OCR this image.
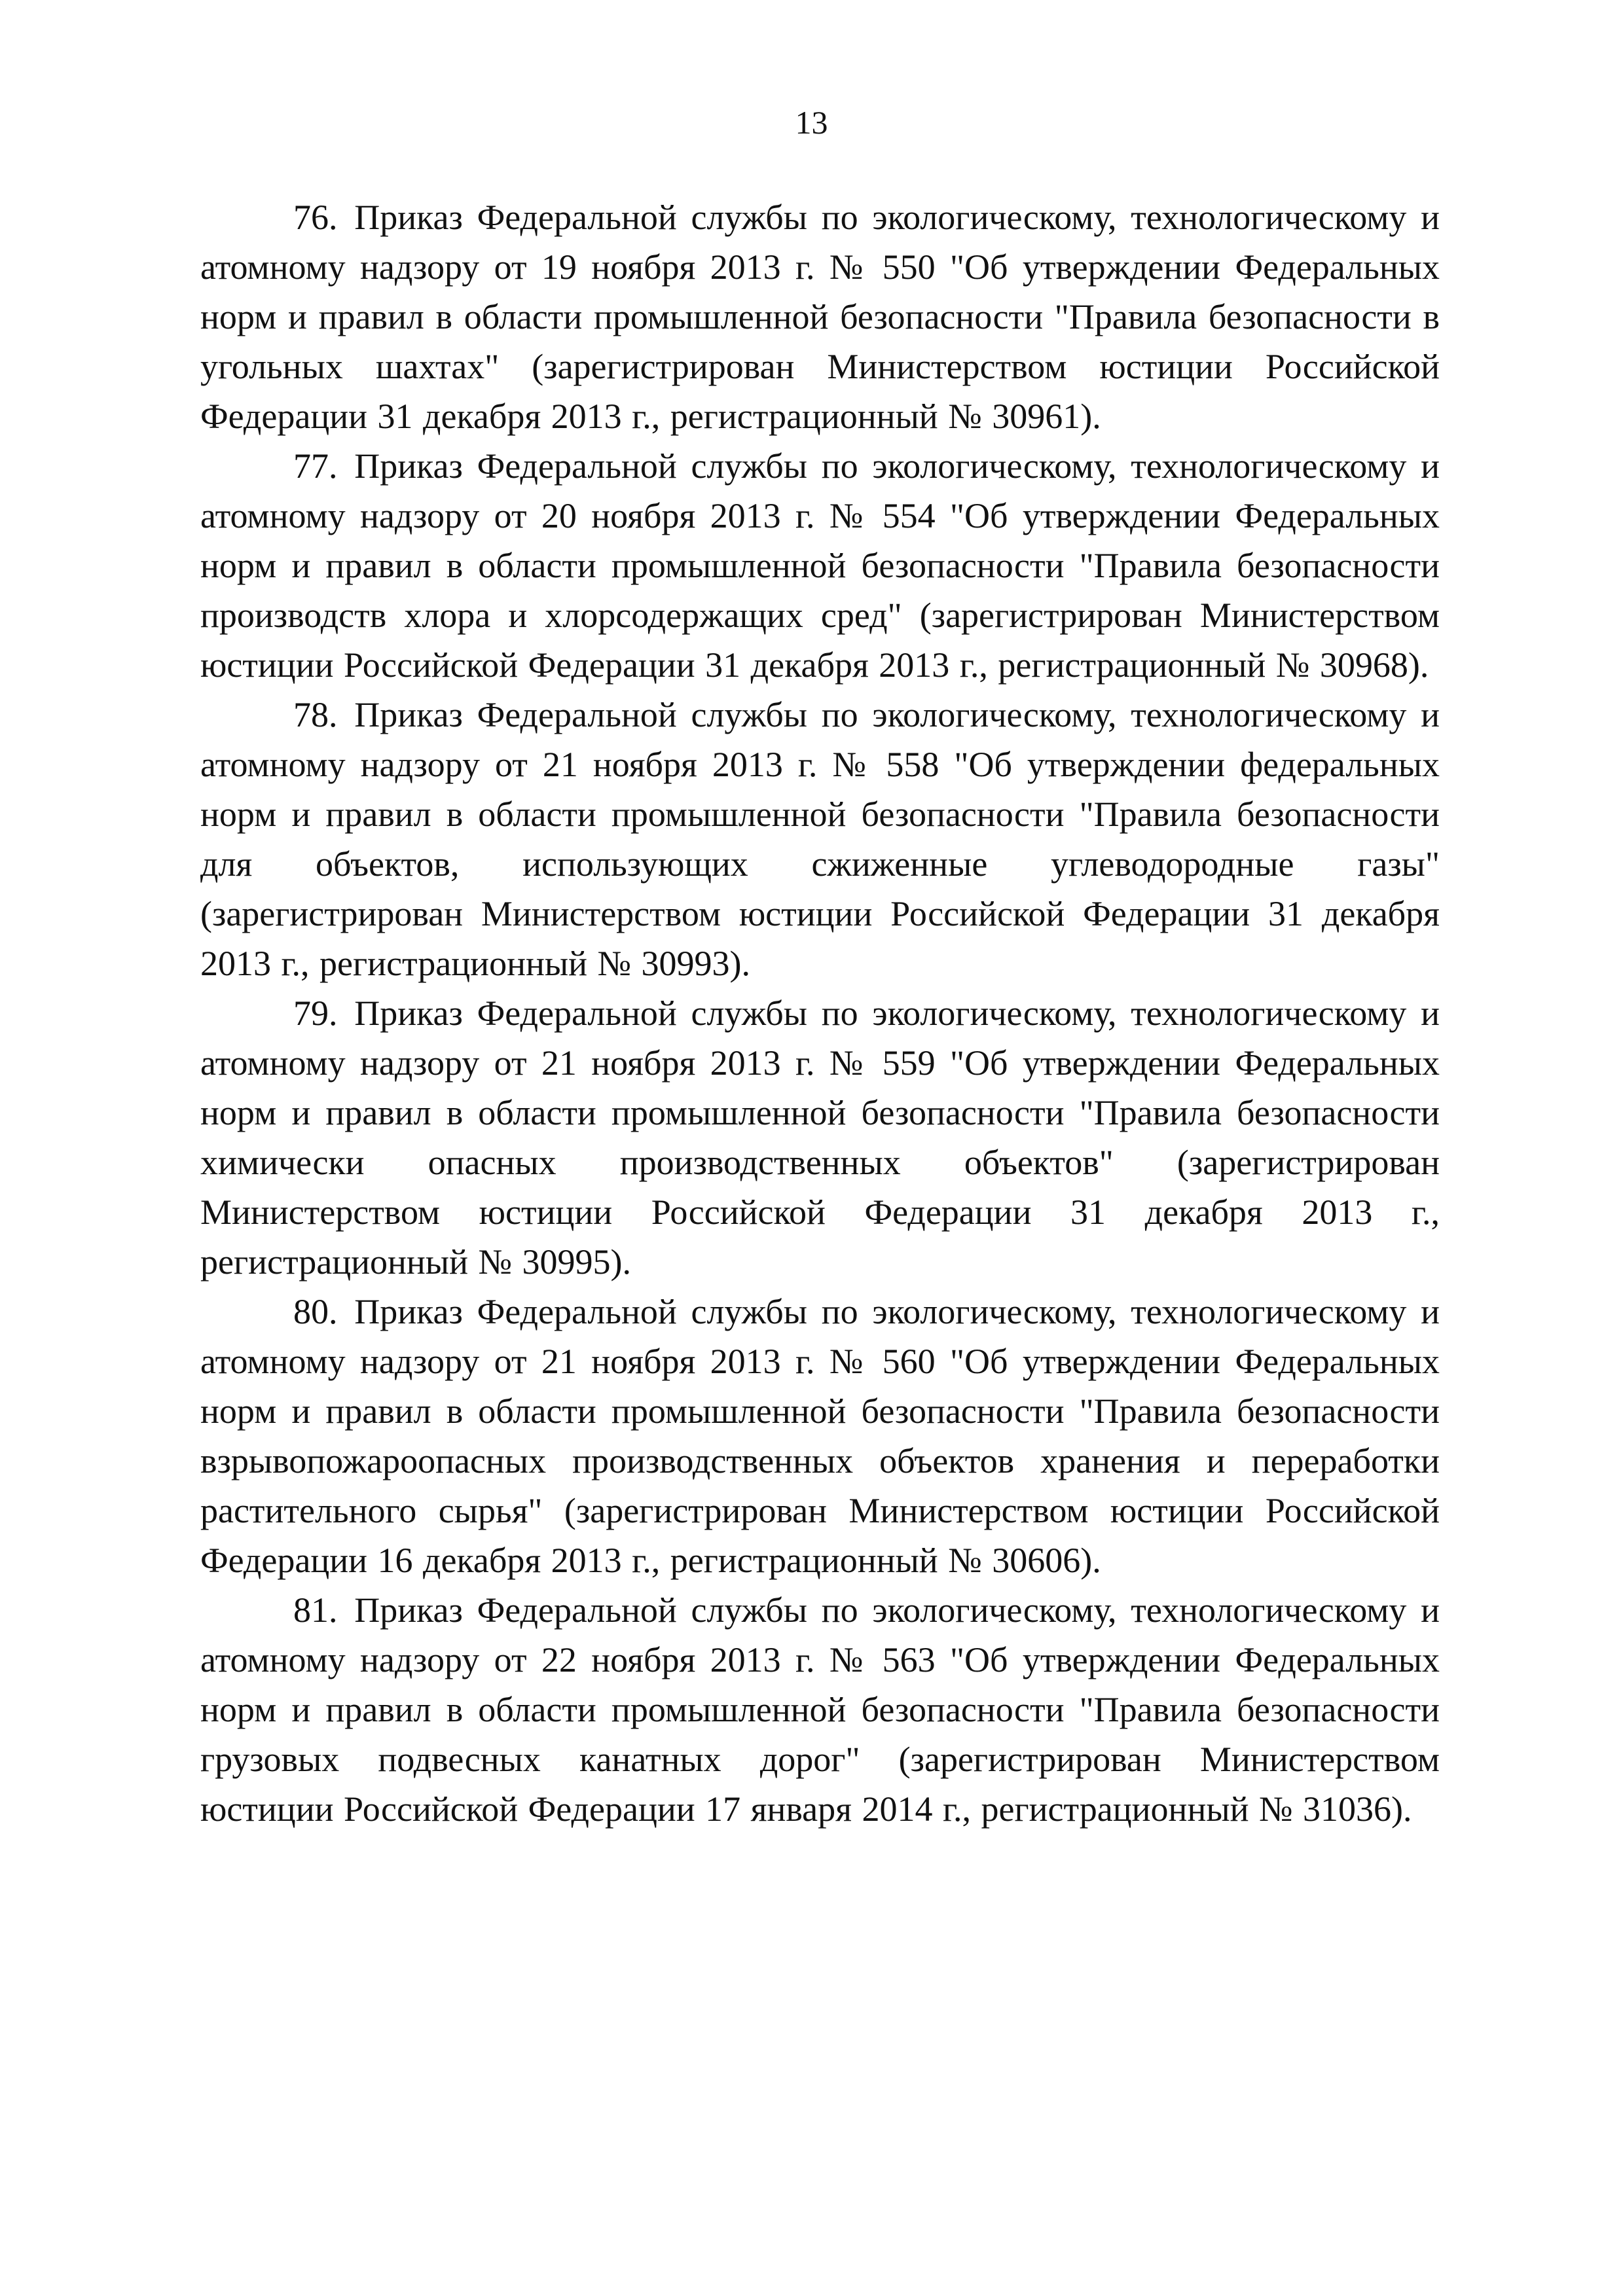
13

76. Приказ Федеральной службы по экологическому, технологическому и атомному надзору от 19 ноября 2013 г. № 550 "Об утверждении Федеральных норм и правил в области промышленной безопасности "Правила безопасности в угольных шахтах" (зарегистрирован Министерством юстиции Российской Федерации 31 декабря 2013 г., регистрационный № 30961).

77. Приказ Федеральной службы по экологическому, технологическому и атомному надзору от 20 ноября 2013 г. № 554 "Об утверждении Федеральных норм и правил в области промышленной безопасности "Правила безопасности производств хлора и хлорсодержащих сред" (зарегистрирован Министерством юстиции Российской Федерации 31 декабря 2013 г., регистрационный № 30968).

78. Приказ Федеральной службы по экологическому, технологическому и атомному надзору от 21 ноября 2013 г. № 558 "Об утверждении федеральных норм и правил в области промышленной безопасности "Правила безопасности для объектов, использующих сжиженные углеводородные газы" (зарегистрирован Министерством юстиции Российской Федерации 31 декабря 2013 г., регистрационный № 30993).

79. Приказ Федеральной службы по экологическому, технологическому и атомному надзору от 21 ноября 2013 г. № 559 "Об утверждении Федеральных норм и правил в области промышленной безопасности "Правила безопасности химически опасных производственных объектов" (зарегистрирован Министерством юстиции Российской Федерации 31 декабря 2013 г., регистрационный № 30995).

80. Приказ Федеральной службы по экологическому, технологическому и атомному надзору от 21 ноября 2013 г. № 560 "Об утверждении Федеральных норм и правил в области промышленной безопасности "Правила безопасности взрывопожароопасных производственных объектов хранения и переработки растительного сырья" (зарегистрирован Министерством юстиции Российской Федерации 16 декабря 2013 г., регистрационный № 30606).

81. Приказ Федеральной службы по экологическому, технологическому и атомному надзору от 22 ноября 2013 г. № 563 "Об утверждении Федеральных норм и правил в области промышленной безопасности "Правила безопасности грузовых подвесных канатных дорог" (зарегистрирован Министерством юстиции Российской Федерации 17 января 2014 г., регистрационный № 31036).
